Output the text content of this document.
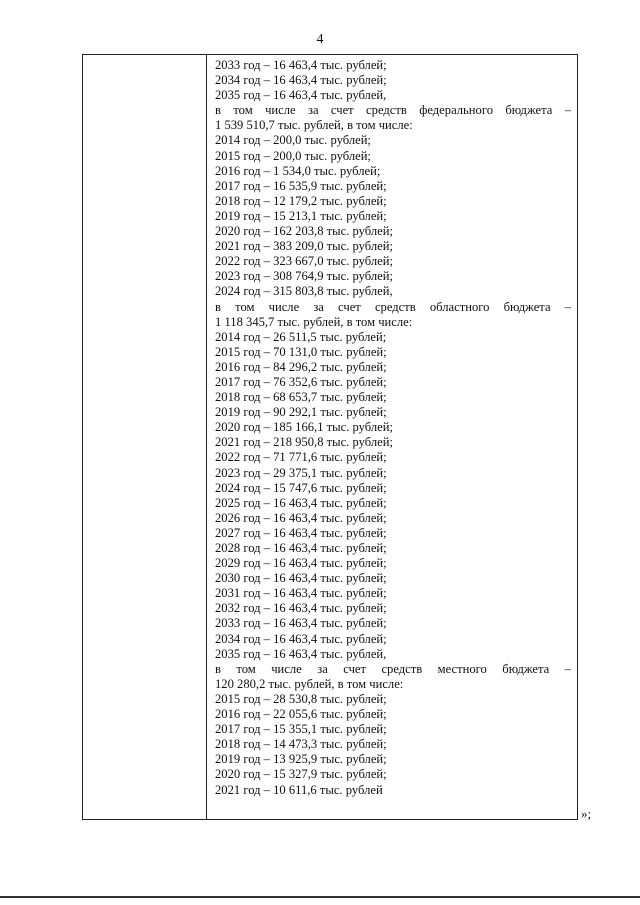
4
2033 год – 16 463,4 тыс. рублей;
2034 год – 16 463,4 тыс. рублей;
2035 год – 16 463,4 тыс. рублей,
в том числе за счет средств федерального бюджета –
1 539 510,7 тыс. рублей, в том числе:
2014 год – 200,0 тыс. рублей;
2015 год – 200,0 тыс. рублей;
2016 год – 1 534,0 тыс. рублей;
2017 год – 16 535,9 тыс. рублей;
2018 год – 12 179,2 тыс. рублей;
2019 год – 15 213,1 тыс. рублей;
2020 год – 162 203,8 тыс. рублей;
2021 год – 383 209,0 тыс. рублей;
2022 год – 323 667,0 тыс. рублей;
2023 год – 308 764,9 тыс. рублей;
2024 год – 315 803,8 тыс. рублей,
в том числе за счет средств областного бюджета –
1 118 345,7 тыс. рублей, в том числе:
2014 год – 26 511,5 тыс. рублей;
2015 год – 70 131,0 тыс. рублей;
2016 год – 84 296,2 тыс. рублей;
2017 год – 76 352,6 тыс. рублей;
2018 год – 68 653,7 тыс. рублей;
2019 год – 90 292,1 тыс. рублей;
2020 год – 185 166,1 тыс. рублей;
2021 год – 218 950,8 тыс. рублей;
2022 год – 71 771,6 тыс. рублей;
2023 год – 29 375,1 тыс. рублей;
2024 год – 15 747,6 тыс. рублей;
2025 год – 16 463,4 тыс. рублей;
2026 год – 16 463,4 тыс. рублей;
2027 год – 16 463,4 тыс. рублей;
2028 год – 16 463,4 тыс. рублей;
2029 год – 16 463,4 тыс. рублей;
2030 год – 16 463,4 тыс. рублей;
2031 год – 16 463,4 тыс. рублей;
2032 год – 16 463,4 тыс. рублей;
2033 год – 16 463,4 тыс. рублей;
2034 год – 16 463,4 тыс. рублей;
2035 год – 16 463,4 тыс. рублей,
в том числе за счет средств местного бюджета –
120 280,2 тыс. рублей, в том числе:
2015 год – 28 530,8 тыс. рублей;
2016 год – 22 055,6 тыс. рублей;
2017 год – 15 355,1 тыс. рублей;
2018 год – 14 473,3 тыс. рублей;
2019 год – 13 925,9 тыс. рублей;
2020 год – 15 327,9 тыс. рублей;
2021 год – 10 611,6 тыс. рублей
»;
